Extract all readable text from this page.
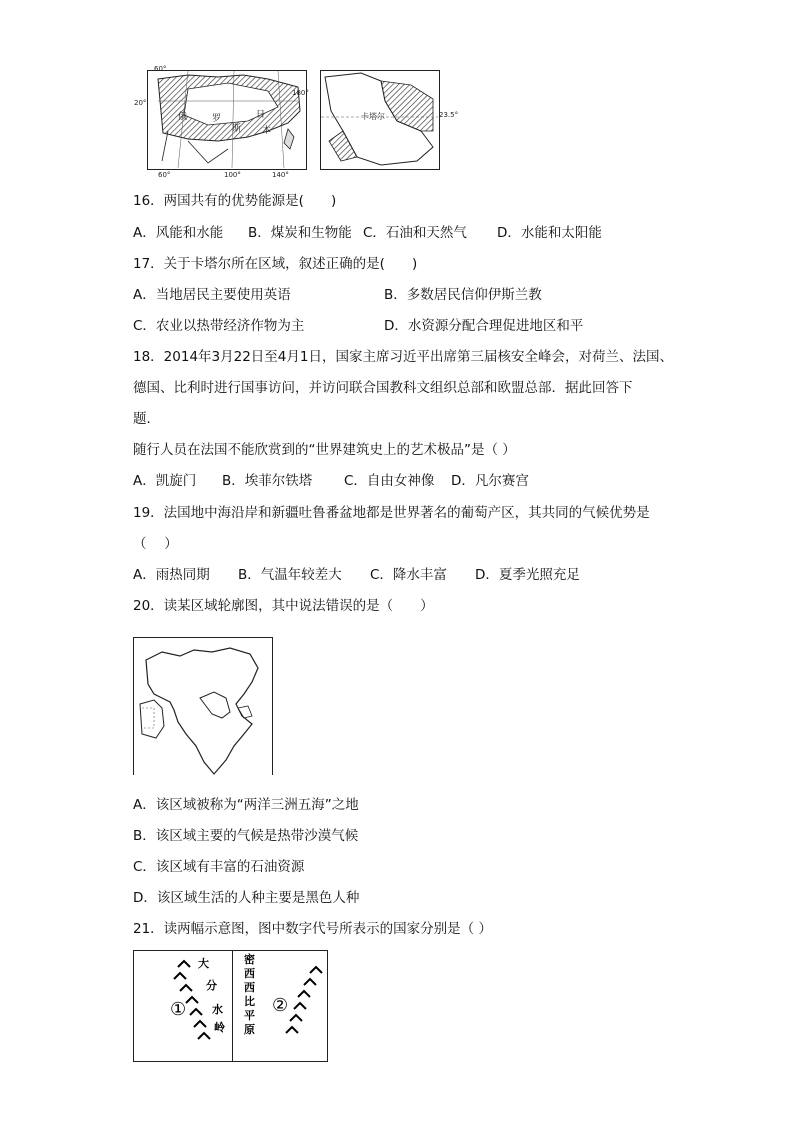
60°
20°
180°
60°	100°	140°
俄	罗
斯
日
本
卡塔尔	23.5°
16．两国共有的优势能源是(　　)
A．风能和水能 B．煤炭和生物能 C．石油和天然气 D．水能和太阳能
17．关于卡塔尔所在区域，叙述正确的是(　　)
A．当地居民主要使用英语	B．多数居民信仰伊斯兰教
C．农业以热带经济作物为主	D．水资源分配合理促进地区和平
18．2014年3月22日至4月1日，国家主席习近平出席第三届核安全峰会，对荷兰、法国、
德国、比利时进行国事访问，并访问联合国教科文组织总部和欧盟总部．据此回答下
题．
随行人员在法国不能欣赏到的“世界建筑史上的艺术极品”是（ ）
A．凯旋门 B．埃菲尔铁塔 C．自由女神像 D．凡尔赛宫
19．法国地中海沿岸和新疆吐鲁番盆地都是世界著名的葡萄产区，其共同的气候优势是
（　 ）
A．雨热同期 B．气温年较差大 C．降水丰富 D．夏季光照充足
20．读某区域轮廓图，其中说法错误的是（　　）
A．该区域被称为“两洋三洲五海”之地
B．该区域主要的气候是热带沙漠气候
C．该区域有丰富的石油资源
D．该区域生活的人种主要是黑色人种
21．读两幅示意图，图中数字代号所表示的国家分别是（ ）
①
大
分
水
岭
②
密
西
西
比
平
原
